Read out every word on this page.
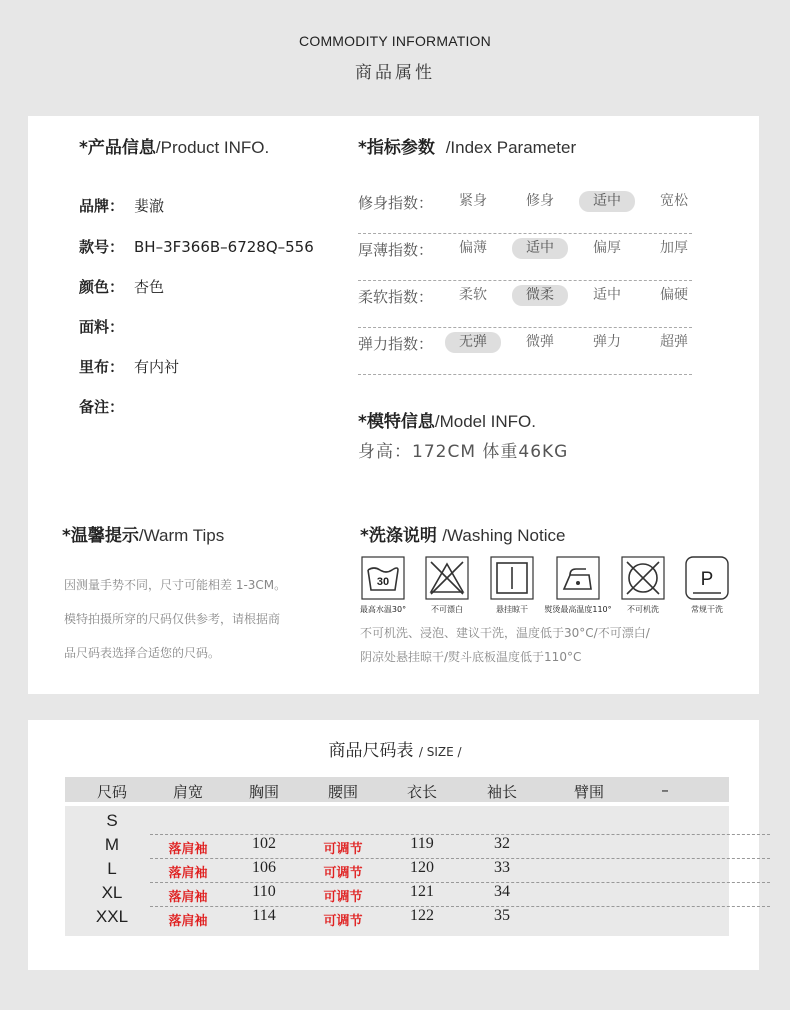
COMMODITY INFORMATION
商品属性
*产品信息/Product INFO.
品牌： 婓澈
款号： BH–3F366B–6728Q–556
颜色： 杏色
面料：
里布： 有内衬
备注：
*指标参数 /Index Parameter
修身指数：	紧身	修身	适中	宽松
厚薄指数：	偏薄	适中	偏厚	加厚
柔软指数：	柔软	微柔	适中	偏硬
弹力指数：	无弹	微弹	弹力	超弹
*模特信息/Model INFO.
身高：172CM 体重46KG
*温馨提示/Warm Tips
因测量手势不同，尺寸可能相差 1-3CM。
模特拍摄所穿的尺码仅供参考，请根据商
品尺码表选择合适您的尺码。
*洗涤说明 /Washing Notice
30	P
最高水温30°	不可漂白	悬挂晾干	熨烫最高温度110°	不可机洗	常规干洗
不可机洗、浸泡、建议干洗，温度低于30°C/不可漂白/
阴凉处悬挂晾干/熨斗底板温度低于110°C
商品尺码表 / SIZE /
尺码	肩宽	胸围	腰围	衣长	袖长	臂围	–
S
M	落肩袖	102	可调节	119	32
L	落肩袖	106	可调节	120	33
XL	落肩袖	110	可调节	121	34
XXL	落肩袖	114	可调节	122	35
